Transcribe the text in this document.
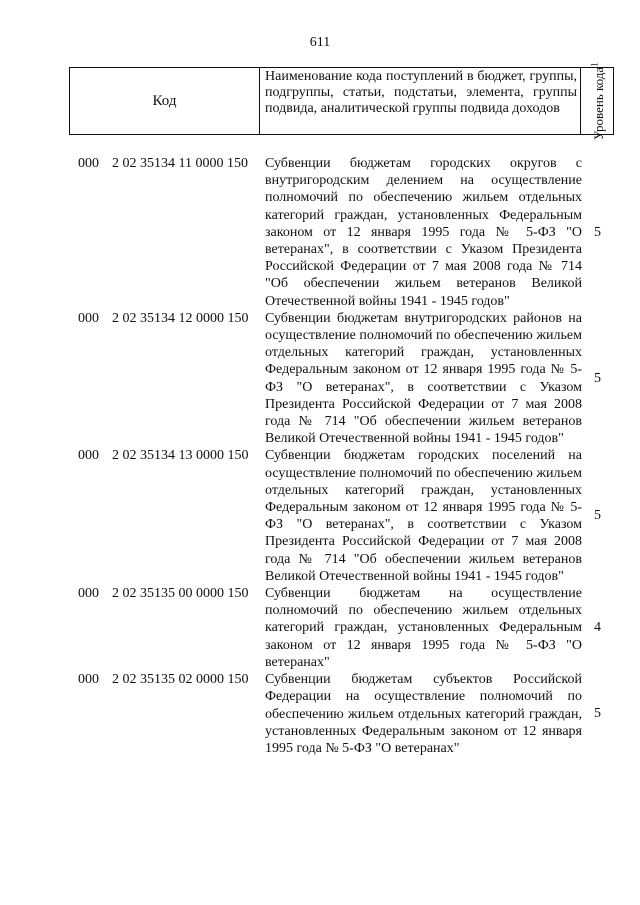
611
Код
Наименование кода поступлений в бюджет, группы, подгруппы, статьи, подстатьи, элемента, группы подвида, аналитической группы подвида доходов	Уровень кода$^1$
000 2 02 35134 11 0000 150 Субвенции бюджетам городских округов с внутригородским делением на осуществление полномочий по обеспечению жильем отдельных категорий граждан, установленных Федеральным законом от 12 января 1995 года № 5-ФЗ "О ветеранах", в соответствии с Указом Президента Российской Федерации от 7 мая 2008 года № 714 "Об обеспечении жильем ветеранов Великой Отечественной войны 1941 - 1945 годов"
5
000 2 02 35134 12 0000 150 Субвенции бюджетам внутригородских районов на осуществление полномочий по обеспечению жильем отдельных категорий граждан, установленных Федеральным законом от 12 января 1995 года № 5-ФЗ "О ветеранах", в соответствии с Указом Президента Российской Федерации от 7 мая 2008 года № 714 "Об обеспечении жильем ветеранов Великой Отечественной войны 1941 - 1945 годов"
5
000 2 02 35134 13 0000 150 Субвенции бюджетам городских поселений на осуществление полномочий по обеспечению жильем отдельных категорий граждан, установленных Федеральным законом от 12 января 1995 года № 5-ФЗ "О ветеранах", в соответствии с Указом Президента Российской Федерации от 7 мая 2008 года № 714 "Об обеспечении жильем ветеранов Великой Отечественной войны 1941 - 1945 годов"
5
000 2 02 35135 00 0000 150 Субвенции бюджетам на осуществление полномочий по обеспечению жильем отдельных категорий граждан, установленных Федеральным законом от 12 января 1995 года № 5-ФЗ "О ветеранах"
4
000 2 02 35135 02 0000 150 Субвенции бюджетам субъектов Российской Федерации на осуществление полномочий по обеспечению жильем отдельных категорий граждан, установленных Федеральным законом от 12 января 1995 года № 5-ФЗ "О ветеранах"
5
